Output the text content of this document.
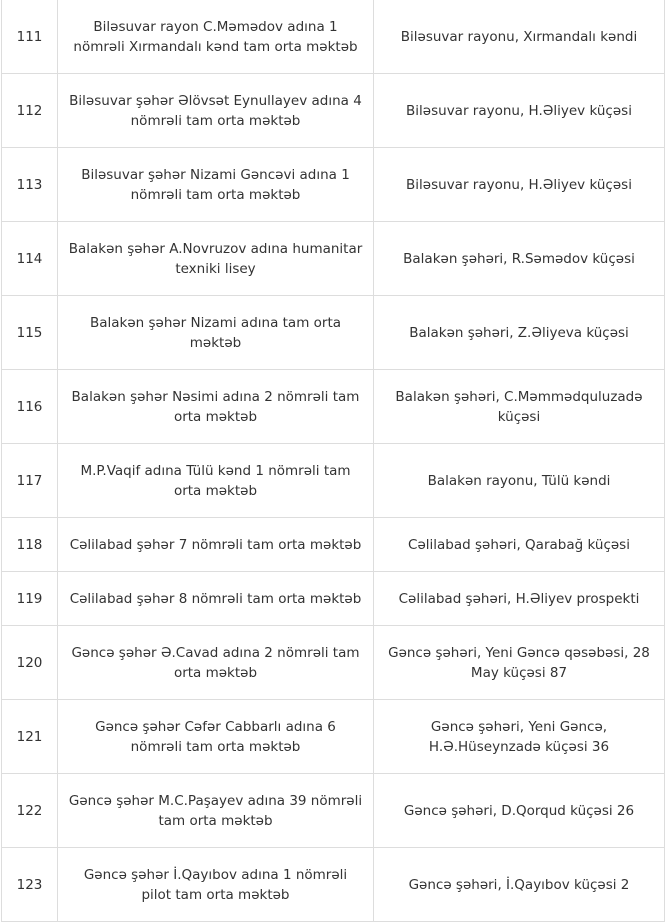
111	Biləsuvar rayon C.Məmədov adına 1 nömrəli Xırmandalı kənd tam orta məktəb	Biləsuvar rayonu, Xırmandalı kəndi
112	Biləsuvar şəhər Əlövsət Eynullayev adına 4 nömrəli tam orta məktəb	Biləsuvar rayonu, H.Əliyev küçəsi
113	Biləsuvar şəhər Nizami Gəncəvi adına 1 nömrəli tam orta məktəb	Biləsuvar rayonu, H.Əliyev küçəsi
114	Balakən şəhər A.Novruzov adına humanitar texniki lisey	Balakən şəhəri, R.Səmədov küçəsi
115	Balakən şəhər Nizami adına tam orta məktəb	Balakən şəhəri, Z.Əliyeva küçəsi
116	Balakən şəhər Nəsimi adına 2 nömrəli tam orta məktəb	Balakən şəhəri, C.Məmmədquluzadə küçəsi
117	M.P.Vaqif adına Tülü kənd 1 nömrəli tam orta məktəb	Balakən rayonu, Tülü kəndi
118	Cəlilabad şəhər 7 nömrəli tam orta məktəb	Cəlilabad şəhəri, Qarabağ küçəsi
119	Cəlilabad şəhər 8 nömrəli tam orta məktəb	Cəlilabad şəhəri, H.Əliyev prospekti
120	Gəncə şəhər Ə.Cavad adına 2 nömrəli tam orta məktəb	Gəncə şəhəri, Yeni Gəncə qəsəbəsi, 28 May küçəsi 87
121	Gəncə şəhər Cəfər Cabbarlı adına 6 nömrəli tam orta məktəb	Gəncə şəhəri, Yeni Gəncə, H.Ə.Hüseynzadə küçəsi 36
122	Gəncə şəhər M.C.Paşayev adına 39 nömrəli tam orta məktəb	Gəncə şəhəri, D.Qorqud küçəsi 26
123	Gəncə şəhər İ.Qayıbov adına 1 nömrəli pilot tam orta məktəb	Gəncə şəhəri, İ.Qayıbov küçəsi 2
